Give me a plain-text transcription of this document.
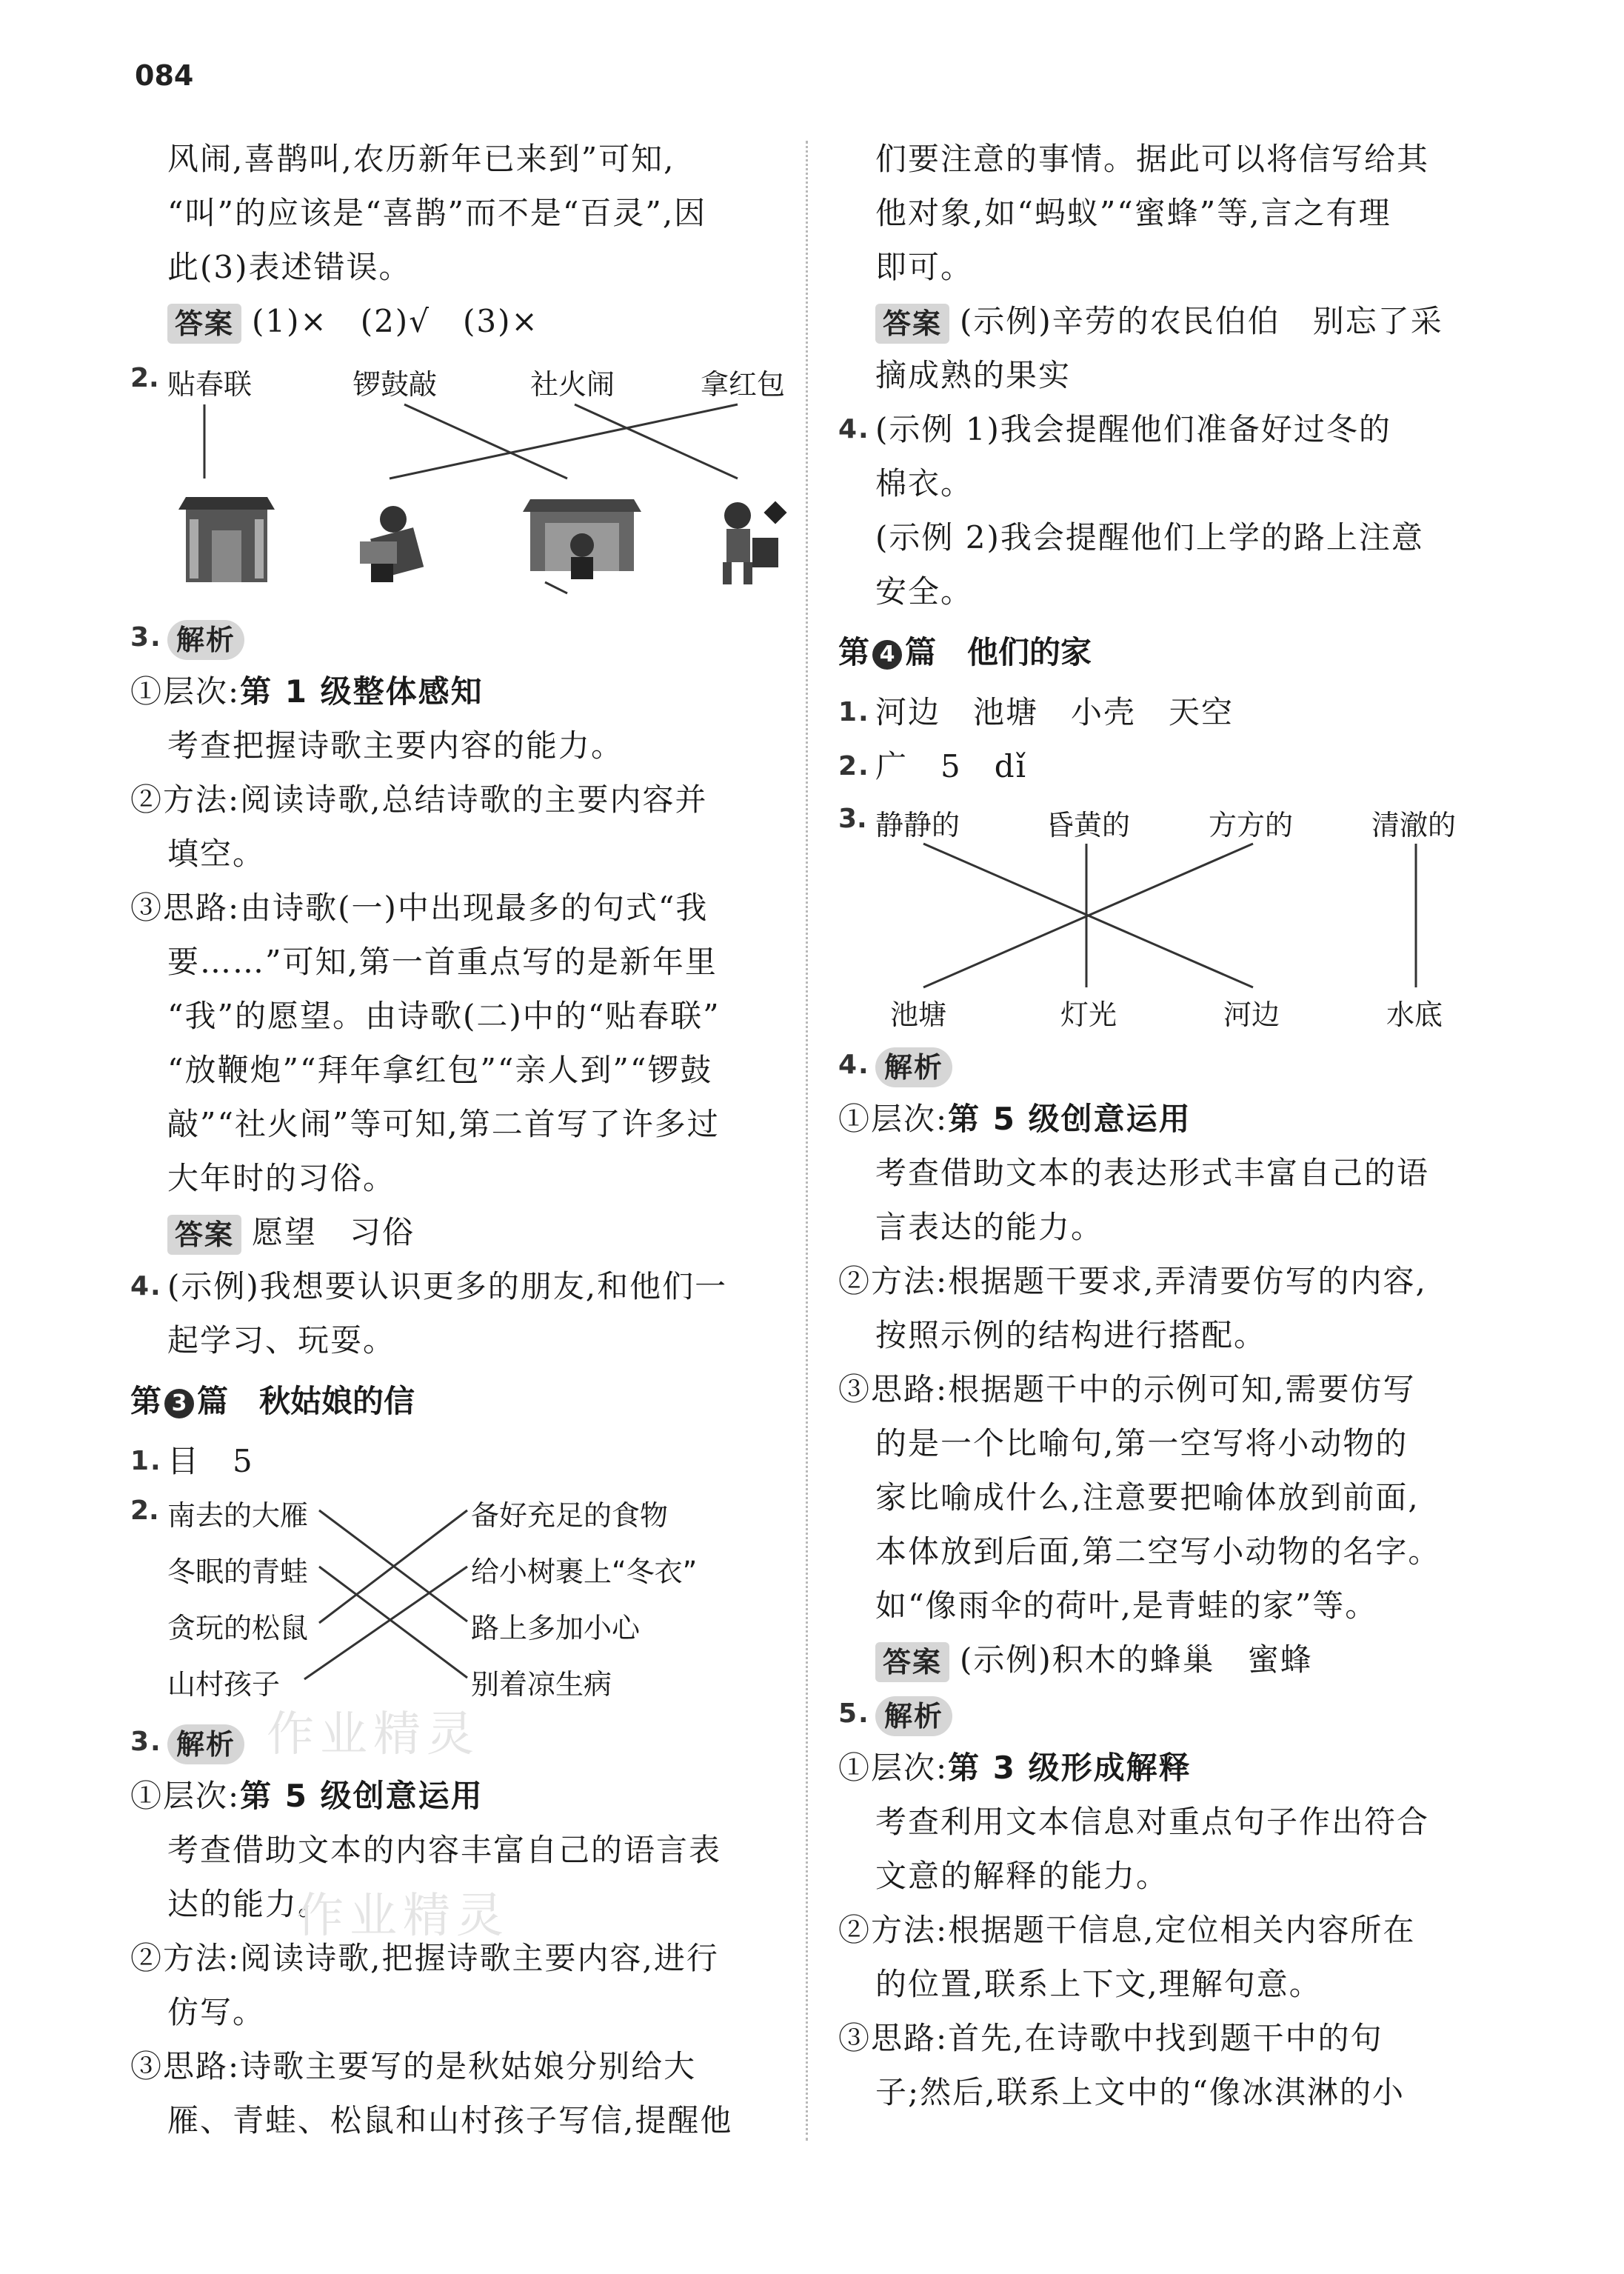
084

风闹,喜鹊叫,农历新年已来到”可知,

“叫”的应该是“喜鹊”而不是“百灵”,因

此(3)表述错误。

答案 (1)×　(2)√　(3)×

2. 贴春联	锣鼓敲	社火闹	拿红包

3. 解析

①层次:第 1 级整体感知

考查把握诗歌主要内容的能力。

②方法:阅读诗歌,总结诗歌的主要内容并

填空。

③思路:由诗歌(一)中出现最多的句式“我

要……”可知,第一首重点写的是新年里

“我”的愿望。由诗歌(二)中的“贴春联”

“放鞭炮”“拜年拿红包”“亲人到”“锣鼓

敲”“社火闹”等可知,第二首写了许多过

大年时的习俗。

答案 愿望　习俗

4. (示例)我想要认识更多的朋友,和他们一

起学习、玩耍。

第 3 篇　秋姑娘的信

1. 目　5

2. 南去的大雁
冬眠的青蛙
贪玩的松鼠
山村孩子
备好充足的食物
给小树裹上“冬衣”
路上多加小心
别着凉生病

3. 解析

①层次:第 5 级创意运用

考查借助文本的内容丰富自己的语言表

达的能力。

②方法:阅读诗歌,把握诗歌主要内容,进行

仿写。

③思路:诗歌主要写的是秋姑娘分别给大

雁、青蛙、松鼠和山村孩子写信,提醒他

们要注意的事情。据此可以将信写给其

他对象,如“蚂蚁”“蜜蜂”等,言之有理

即可。

答案 (示例)辛劳的农民伯伯　别忘了采

摘成熟的果实

4. (示例 1)我会提醒他们准备好过冬的

棉衣。

(示例 2)我会提醒他们上学的路上注意

安全。

第 4 篇　他们的家

1. 河边　池塘　小壳　天空

2. 广　5　dǐ

3. 静静的	昏黄的	方方的	清澈的
池塘	灯光	河边	水底

4. 解析

①层次:第 5 级创意运用

考查借助文本的表达形式丰富自己的语

言表达的能力。

②方法:根据题干要求,弄清要仿写的内容,

按照示例的结构进行搭配。

③思路:根据题干中的示例可知,需要仿写

的是一个比喻句,第一空写将小动物的

家比喻成什么,注意要把喻体放到前面,

本体放到后面,第二空写小动物的名字。

如“像雨伞的荷叶,是青蛙的家”等。

答案 (示例)积木的蜂巢　蜜蜂

5. 解析

①层次:第 3 级形成解释

考查利用文本信息对重点句子作出符合

文意的解释的能力。

②方法:根据题干信息,定位相关内容所在

的位置,联系上下文,理解句意。

③思路:首先,在诗歌中找到题干中的句

子;然后,联系上文中的“像冰淇淋的小

作业精灵
作业精灵
